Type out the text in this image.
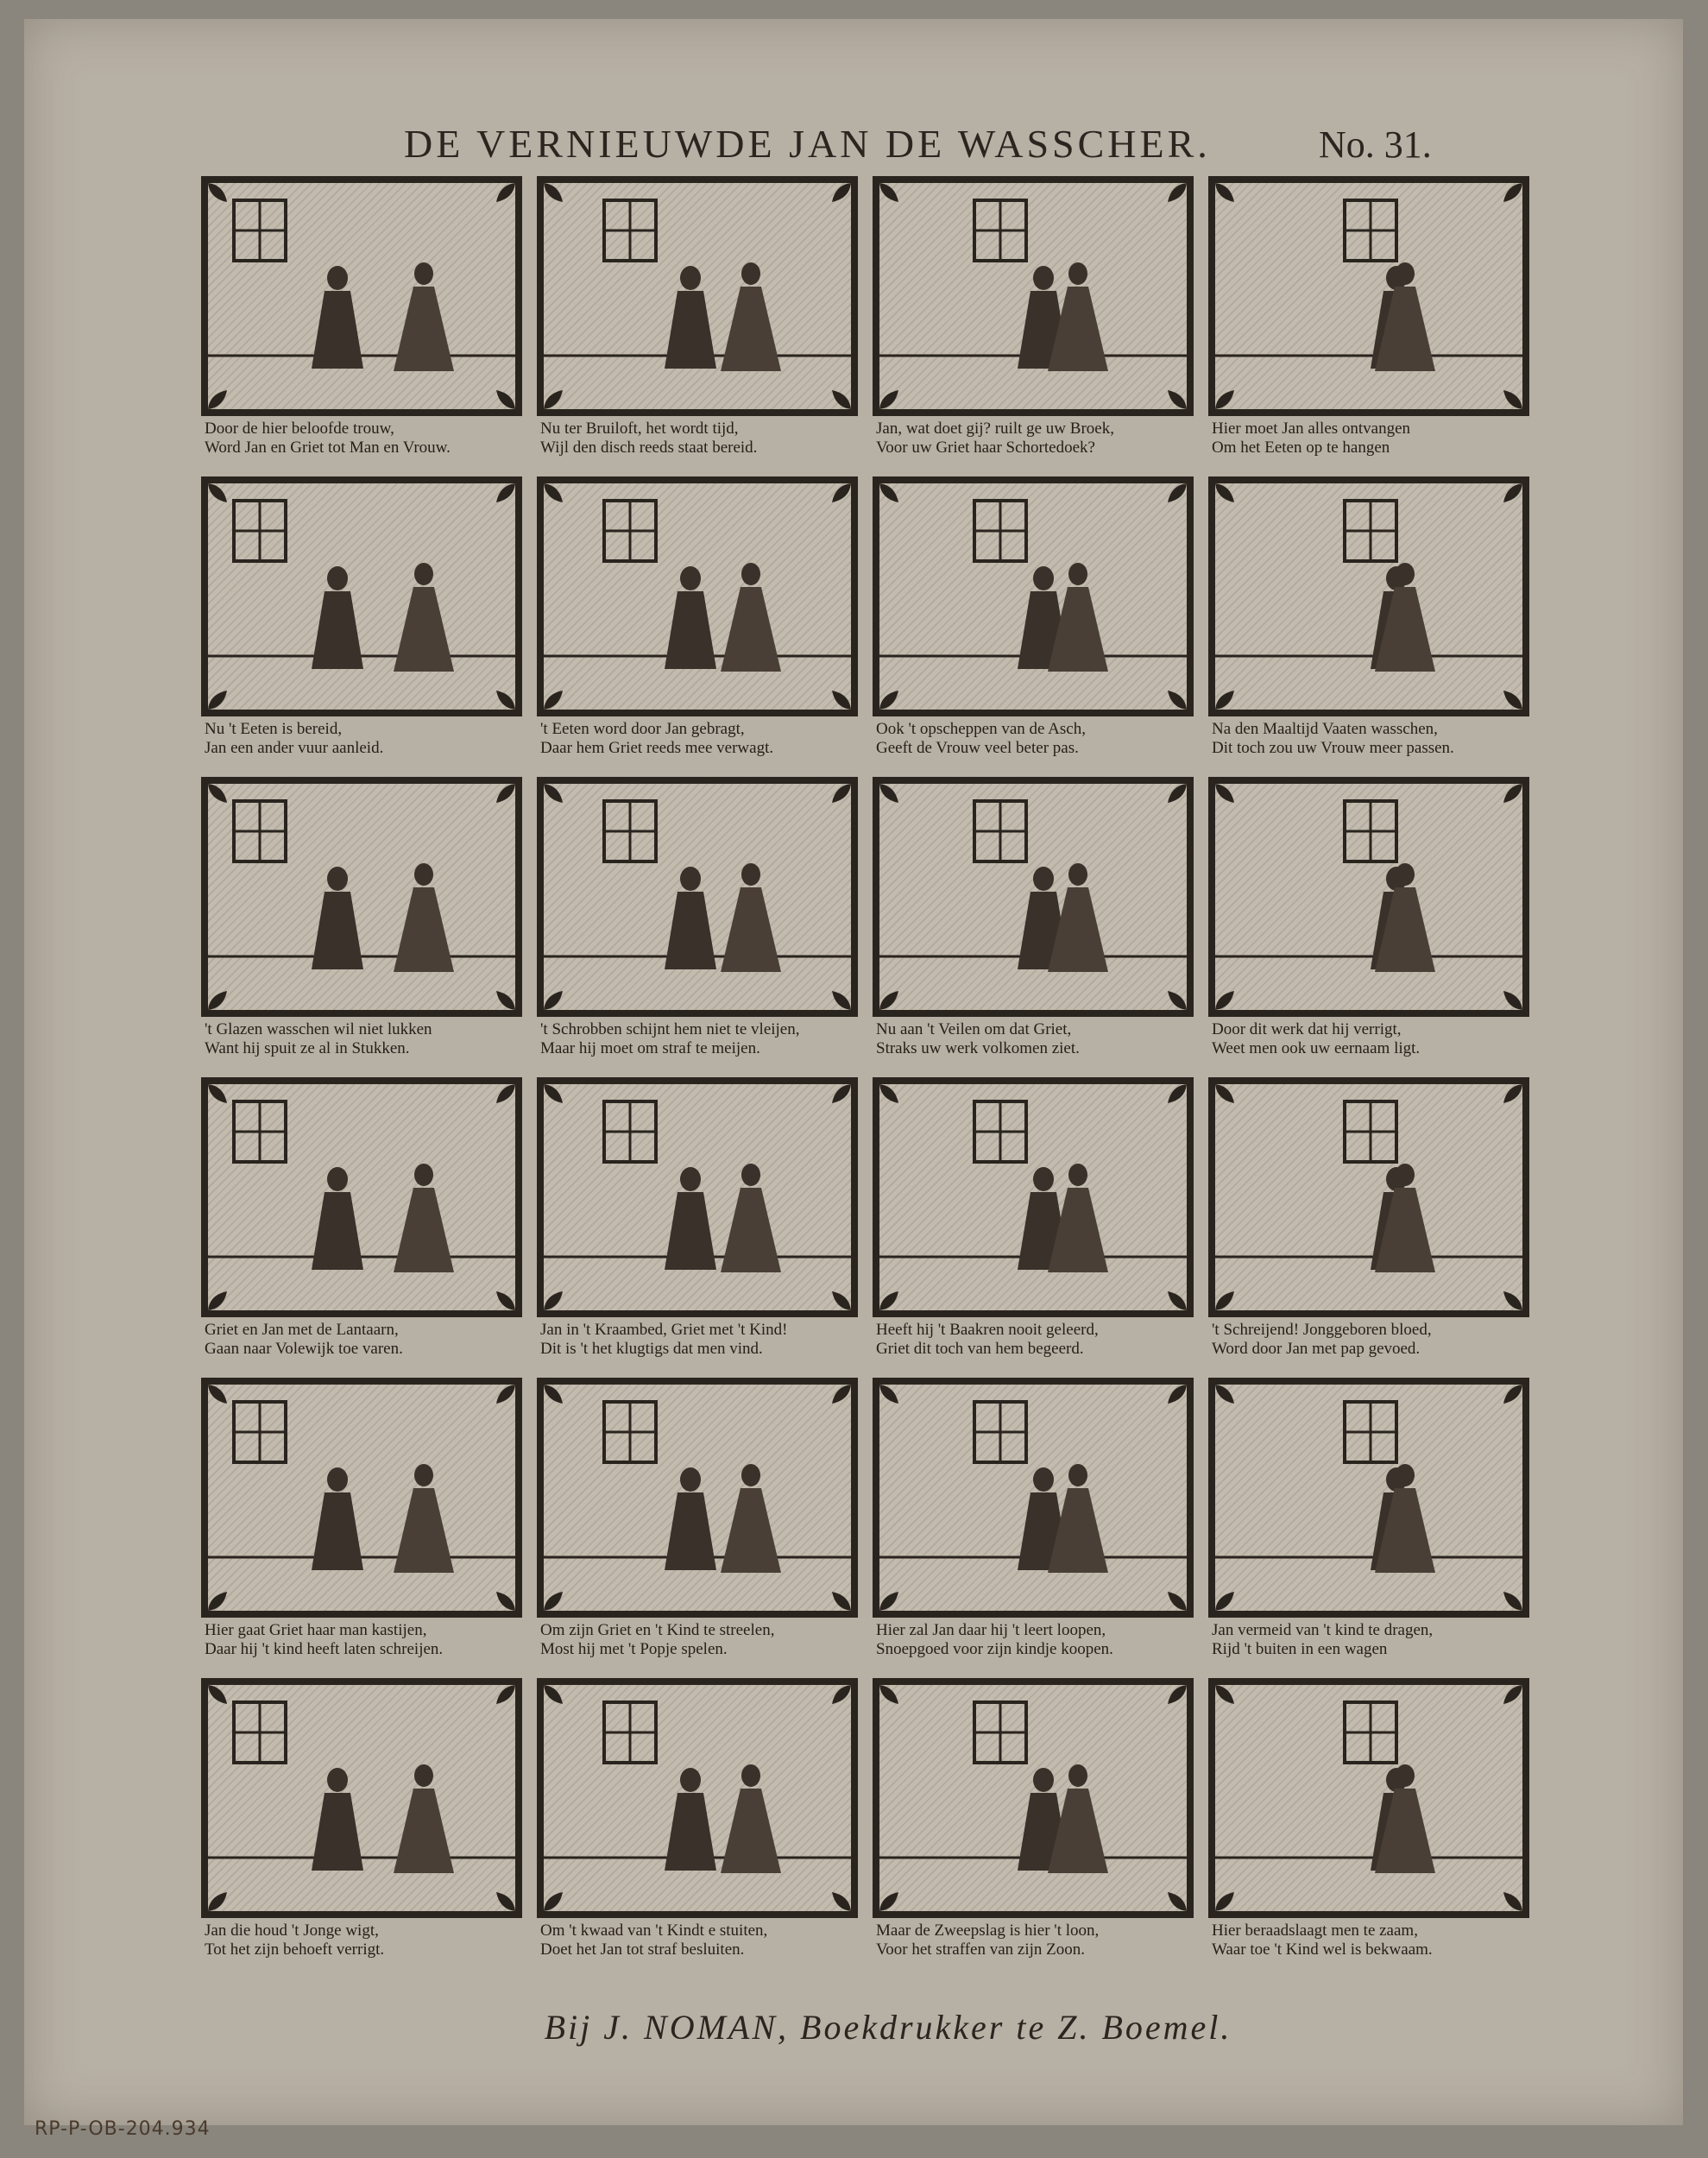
DE VERNIEUWDE JAN DE WASSCHER.	No. 31.
Door de hier beloofde trouw,
Word Jan en Griet tot Man en Vrouw.
Nu ter Bruiloft, het wordt tijd,
Wijl den disch reeds staat bereid.
Jan, wat doet gij? ruilt ge uw Broek,
Voor uw Griet haar Schortedoek?
Hier moet Jan alles ontvangen
Om het Eeten op te hangen
Nu 't Eeten is bereid,
Jan een ander vuur aanleid.
't Eeten word door Jan gebragt,
Daar hem Griet reeds mee verwagt.
Ook 't opscheppen van de Asch,
Geeft de Vrouw veel beter pas.
Na den Maaltijd Vaaten wasschen,
Dit toch zou uw Vrouw meer passen.
't Glazen wasschen wil niet lukken
Want hij spuit ze al in Stukken.
't Schrobben schijnt hem niet te vleijen,
Maar hij moet om straf te meijen.
Nu aan 't Veilen om dat Griet,
Straks uw werk volkomen ziet.
Door dit werk dat hij verrigt,
Weet men ook uw eernaam ligt.
Griet en Jan met de Lantaarn,
Gaan naar Volewijk toe varen.
Jan in 't Kraambed, Griet met 't Kind!
Dit is 't het klugtigs dat men vind.
Heeft hij 't Baakren nooit geleerd,
Griet dit toch van hem begeerd.
't Schreijend! Jonggeboren bloed,
Word door Jan met pap gevoed.
Hier gaat Griet haar man kastijen,
Daar hij 't kind heeft laten schreijen.
Om zijn Griet en 't Kind te streelen,
Most hij met 't Popje spelen.
Hier zal Jan daar hij 't leert loopen,
Snoepgoed voor zijn kindje koopen.
Jan vermeid van 't kind te dragen,
Rijd 't buiten in een wagen
Jan die houd 't Jonge wigt,
Tot het zijn behoeft verrigt.
Om 't kwaad van 't Kindt e stuiten,
Doet het Jan tot straf besluiten.
Maar de Zweepslag is hier 't loon,
Voor het straffen van zijn Zoon.
Hier beraadslaagt men te zaam,
Waar toe 't Kind wel is bekwaam.
Bij J. NOMAN, Boekdrukker te Z. Boemel.
RP-P-OB-204.934
